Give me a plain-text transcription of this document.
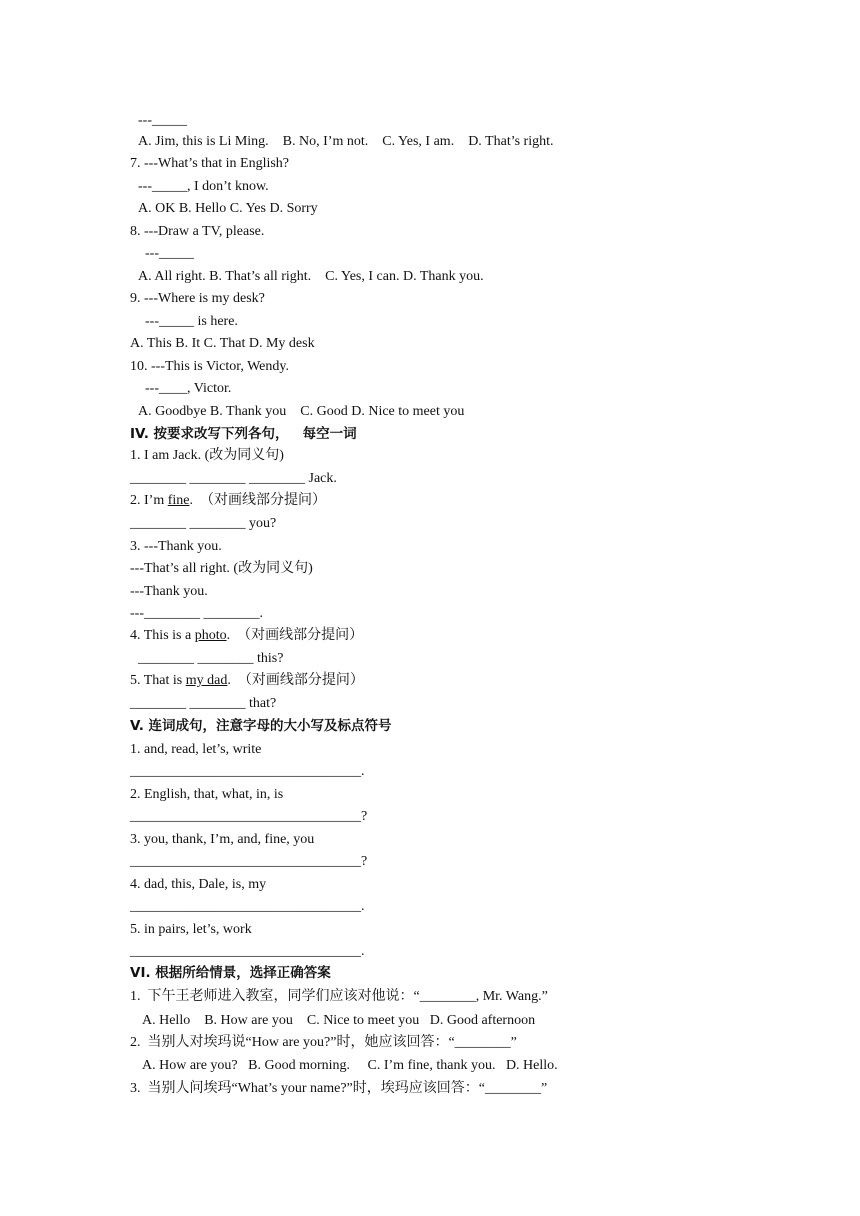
---_____
A. Jim, this is Li Ming.    B. No, I’m not.    C. Yes, I am.    D. That’s right.
7. ---What’s that in English?
---_____, I don’t know.
A. OK B. Hello C. Yes D. Sorry
8. ---Draw a TV, please.
---_____
A. All right. B. That’s all right.    C. Yes, I can. D. Thank you.
9. ---Where is my desk?
---_____ is here.
A. This B. It C. That D. My desk
10. ---This is Victor, Wendy.
---____, Victor.
A. Goodbye B. Thank you    C. Good D. Nice to meet you
IV. 按要求改写下列各句，   每空一词
1. I am Jack. (改为同义句)
________ ________ ________ Jack.
2. I’m fine.  （对画线部分提问）
________ ________ you?
3. ---Thank you.
---That’s all right. (改为同义句)
---Thank you.
---________ ________.
4. This is a photo.  （对画线部分提问）
________ ________ this?
5. That is my dad.  （对画线部分提问）
________ ________ that?
V. 连词成句，注意字母的大小写及标点符号
1. and, read, let’s, write
_________________________________.
2. English, that, what, in, is
_________________________________?
3. you, thank, I’m, and, fine, you
_________________________________?
4. dad, this, Dale, is, my
_________________________________.
5. in pairs, let’s, work
_________________________________.
VI. 根据所给情景，选择正确答案
1.  下午王老师进入教室，同学们应该对他说：“________, Mr. Wang.”
A. Hello    B. How are you    C. Nice to meet you   D. Good afternoon
2.  当别人对埃玛说“How are you?”时，她应该回答：“________”
A. How are you?   B. Good morning.     C. I’m fine, thank you.   D. Hello.
3.  当别人问埃玛“What’s your name?”时，埃玛应该回答：“________”
